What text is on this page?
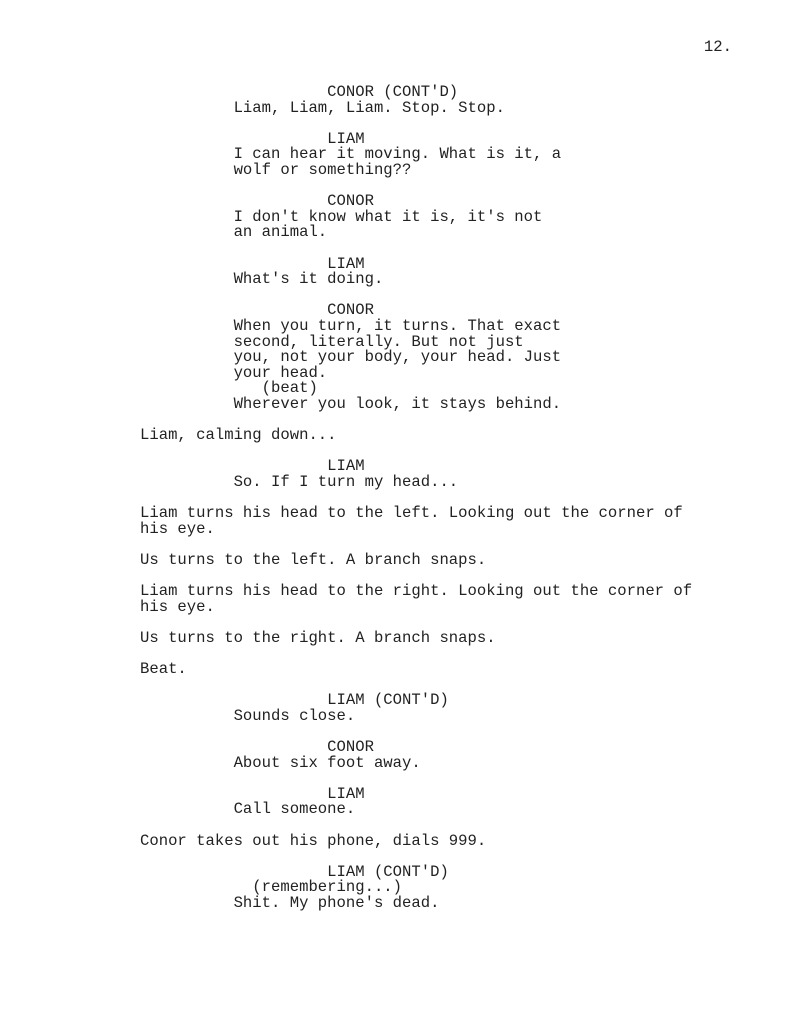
12.
CONOR (CONT'D)
Liam, Liam, Liam. Stop. Stop.

LIAM
I can hear it moving. What is it, a
wolf or something??

CONOR
I don't know what it is, it's not
an animal.

LIAM
What's it doing.

CONOR
When you turn, it turns. That exact
second, literally. But not just
you, not your body, your head. Just
your head.
(beat)
Wherever you look, it stays behind.

Liam, calming down...

LIAM
So. If I turn my head...

Liam turns his head to the left. Looking out the corner of
his eye.

Us turns to the left. A branch snaps.

Liam turns his head to the right. Looking out the corner of
his eye.

Us turns to the right. A branch snaps.

Beat.

LIAM (CONT'D)
Sounds close.

CONOR
About six foot away.

LIAM
Call someone.

Conor takes out his phone, dials 999.

LIAM (CONT'D)
(remembering...)
Shit. My phone's dead.
